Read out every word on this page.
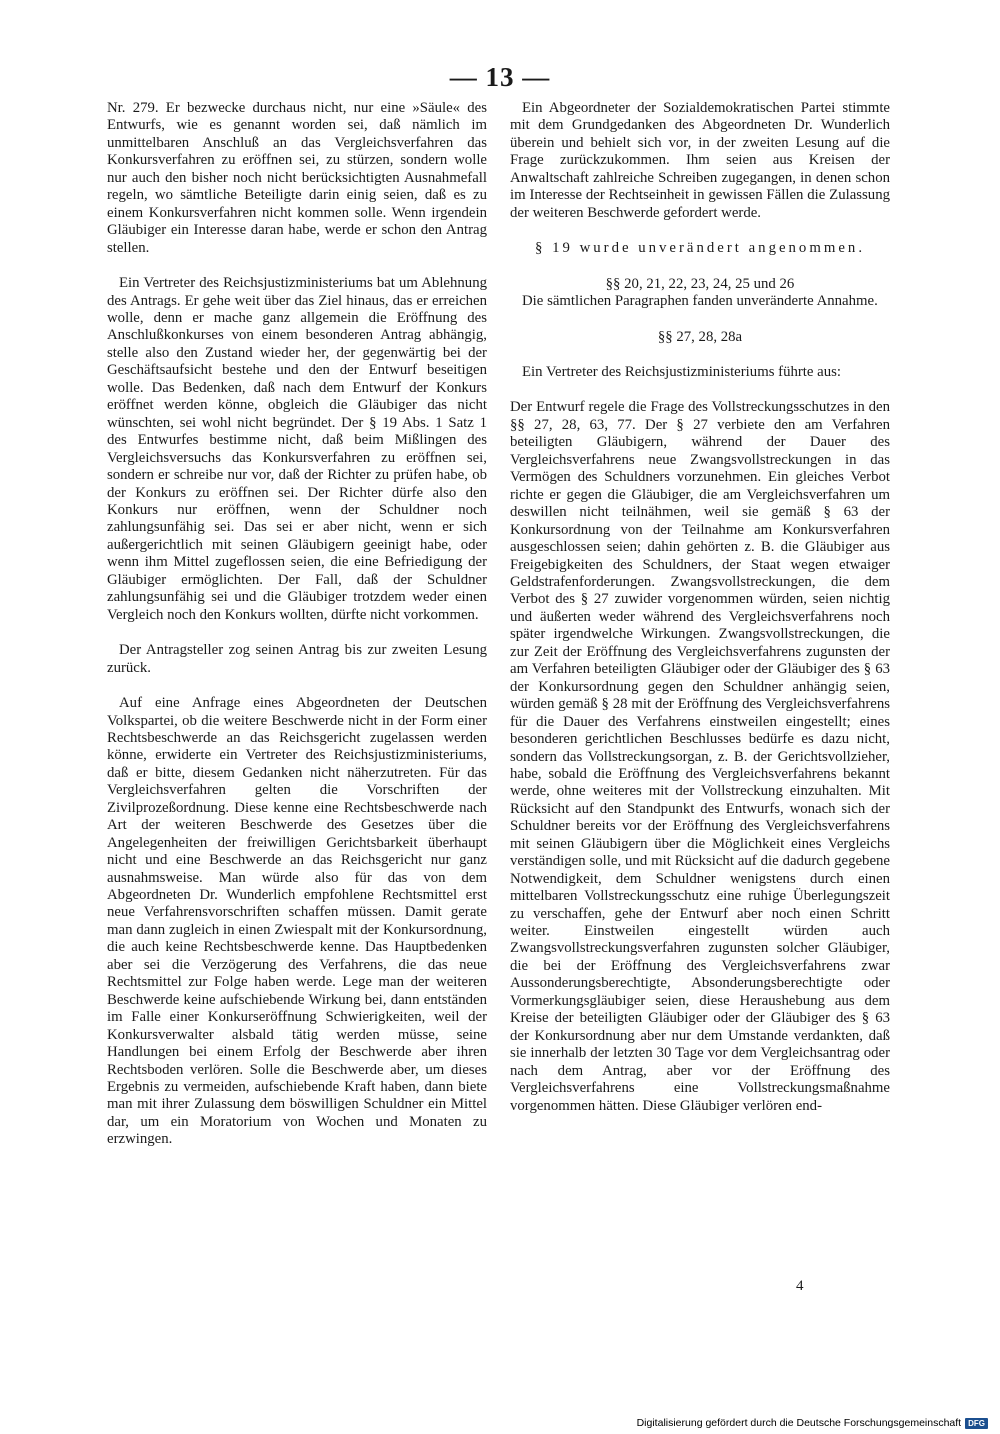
— 13 —

Nr. 279. Er bezwecke durchaus nicht, nur eine »Säule« des Entwurfs, wie es genannt worden sei, daß nämlich im unmittelbaren Anschluß an das Vergleichsverfahren das Konkursverfahren zu eröffnen sei, zu stürzen, sondern wolle nur auch den bisher noch nicht berücksichtigten Ausnahmefall regeln, wo sämtliche Beteiligte darin einig seien, daß es zu einem Konkursverfahren nicht kommen solle. Wenn irgendein Gläubiger ein Interesse daran habe, werde er schon den Antrag stellen.

Ein Vertreter des Reichsjustizministeriums bat um Ablehnung des Antrags. Er gehe weit über das Ziel hinaus, das er erreichen wolle, denn er mache ganz allgemein die Eröffnung des Anschlußkonkurses von einem besonderen Antrag abhängig, stelle also den Zustand wieder her, der gegenwärtig bei der Geschäftsaufsicht bestehe und den der Entwurf beseitigen wolle. Das Bedenken, daß nach dem Entwurf der Konkurs eröffnet werden könne, obgleich die Gläubiger das nicht wünschten, sei wohl nicht begründet. Der § 19 Abs. 1 Satz 1 des Entwurfes bestimme nicht, daß beim Mißlingen des Vergleichsversuchs das Konkursverfahren zu eröffnen sei, sondern er schreibe nur vor, daß der Richter zu prüfen habe, ob der Konkurs zu eröffnen sei. Der Richter dürfe also den Konkurs nur eröffnen, wenn der Schuldner noch zahlungsunfähig sei. Das sei er aber nicht, wenn er sich außergerichtlich mit seinen Gläubigern geeinigt habe, oder wenn ihm Mittel zugeflossen seien, die eine Befriedigung der Gläubiger ermöglichten. Der Fall, daß der Schuldner zahlungsunfähig sei und die Gläubiger trotzdem weder einen Vergleich noch den Konkurs wollten, dürfte nicht vorkommen.

Der Antragsteller zog seinen Antrag bis zur zweiten Lesung zurück.

Auf eine Anfrage eines Abgeordneten der Deutschen Volkspartei, ob die weitere Beschwerde nicht in der Form einer Rechtsbeschwerde an das Reichsgericht zugelassen werden könne, erwiderte ein Vertreter des Reichsjustizministeriums, daß er bitte, diesem Gedanken nicht näherzutreten. Für das Vergleichsverfahren gelten die Vorschriften der Zivilprozeßordnung. Diese kenne eine Rechtsbeschwerde nach Art der weiteren Beschwerde des Gesetzes über die Angelegenheiten der freiwilligen Gerichtsbarkeit überhaupt nicht und eine Beschwerde an das Reichsgericht nur ganz ausnahmsweise. Man würde also für das von dem Abgeordneten Dr. Wunderlich empfohlene Rechtsmittel erst neue Verfahrensvorschriften schaffen müssen. Damit gerate man dann zugleich in einen Zwiespalt mit der Konkursordnung, die auch keine Rechtsbeschwerde kenne. Das Hauptbedenken aber sei die Verzögerung des Verfahrens, die das neue Rechtsmittel zur Folge haben werde. Lege man der weiteren Beschwerde keine aufschiebende Wirkung bei, dann entständen im Falle einer Konkurseröffnung Schwierigkeiten, weil der Konkursverwalter alsbald tätig werden müsse, seine Handlungen bei einem Erfolg der Beschwerde aber ihren Rechtsboden verlören. Solle die Beschwerde aber, um dieses Ergebnis zu vermeiden, aufschiebende Kraft haben, dann biete man mit ihrer Zulassung dem böswilligen Schuldner ein Mittel dar, um ein Moratorium von Wochen und Monaten zu erzwingen.

Ein Abgeordneter der Sozialdemokratischen Partei stimmte mit dem Grundgedanken des Abgeordneten Dr. Wunderlich überein und behielt sich vor, in der zweiten Lesung auf die Frage zurückzukommen. Ihm seien aus Kreisen der Anwaltschaft zahlreiche Schreiben zugegangen, in denen schon im Interesse der Rechtseinheit in gewissen Fällen die Zulassung der weiteren Beschwerde gefordert werde.

§ 19 wurde unverändert angenommen.

§§ 20, 21, 22, 23, 24, 25 und 26

Die sämtlichen Paragraphen fanden unveränderte Annahme.

§§ 27, 28, 28a

Ein Vertreter des Reichsjustizministeriums führte aus:

Der Entwurf regele die Frage des Vollstreckungsschutzes in den §§ 27, 28, 63, 77. Der § 27 verbiete den am Verfahren beteiligten Gläubigern, während der Dauer des Vergleichsverfahrens neue Zwangsvollstreckungen in das Vermögen des Schuldners vorzunehmen. Ein gleiches Verbot richte er gegen die Gläubiger, die am Vergleichsverfahren um deswillen nicht teilnähmen, weil sie gemäß § 63 der Konkursordnung von der Teilnahme am Konkursverfahren ausgeschlossen seien; dahin gehörten z. B. die Gläubiger aus Freigebigkeiten des Schuldners, der Staat wegen etwaiger Geldstrafenforderungen. Zwangsvollstreckungen, die dem Verbot des § 27 zuwider vorgenommen würden, seien nichtig und äußerten weder während des Vergleichsverfahrens noch später irgendwelche Wirkungen. Zwangsvollstreckungen, die zur Zeit der Eröffnung des Vergleichsverfahrens zugunsten der am Verfahren beteiligten Gläubiger oder der Gläubiger des § 63 der Konkursordnung gegen den Schuldner anhängig seien, würden gemäß § 28 mit der Eröffnung des Vergleichsverfahrens für die Dauer des Verfahrens einstweilen eingestellt; eines besonderen gerichtlichen Beschlusses bedürfe es dazu nicht, sondern das Vollstreckungsorgan, z. B. der Gerichtsvollzieher, habe, sobald die Eröffnung des Vergleichsverfahrens bekannt werde, ohne weiteres mit der Vollstreckung einzuhalten. Mit Rücksicht auf den Standpunkt des Entwurfs, wonach sich der Schuldner bereits vor der Eröffnung des Vergleichsverfahrens mit seinen Gläubigern über die Möglichkeit eines Vergleichs verständigen solle, und mit Rücksicht auf die dadurch gegebene Notwendigkeit, dem Schuldner wenigstens durch einen mittelbaren Vollstreckungsschutz eine ruhige Überlegungszeit zu verschaffen, gehe der Entwurf aber noch einen Schritt weiter. Einstweilen eingestellt würden auch Zwangsvollstreckungsverfahren zugunsten solcher Gläubiger, die bei der Eröffnung des Vergleichsverfahrens zwar Aussonderungsberechtigte, Absonderungsberechtigte oder Vormerkungsgläubiger seien, diese Heraushebung aus dem Kreise der beteiligten Gläubiger oder der Gläubiger des § 63 der Konkursordnung aber nur dem Umstande verdankten, daß sie innerhalb der letzten 30 Tage vor dem Vergleichsantrag oder nach dem Antrag, aber vor der Eröffnung des Vergleichsverfahrens eine Vollstreckungsmaßnahme vorgenommen hätten. Diese Gläubiger verlören end-

4
Digitalisierung gefördert durch die Deutsche Forschungsgemeinschaft DFG
